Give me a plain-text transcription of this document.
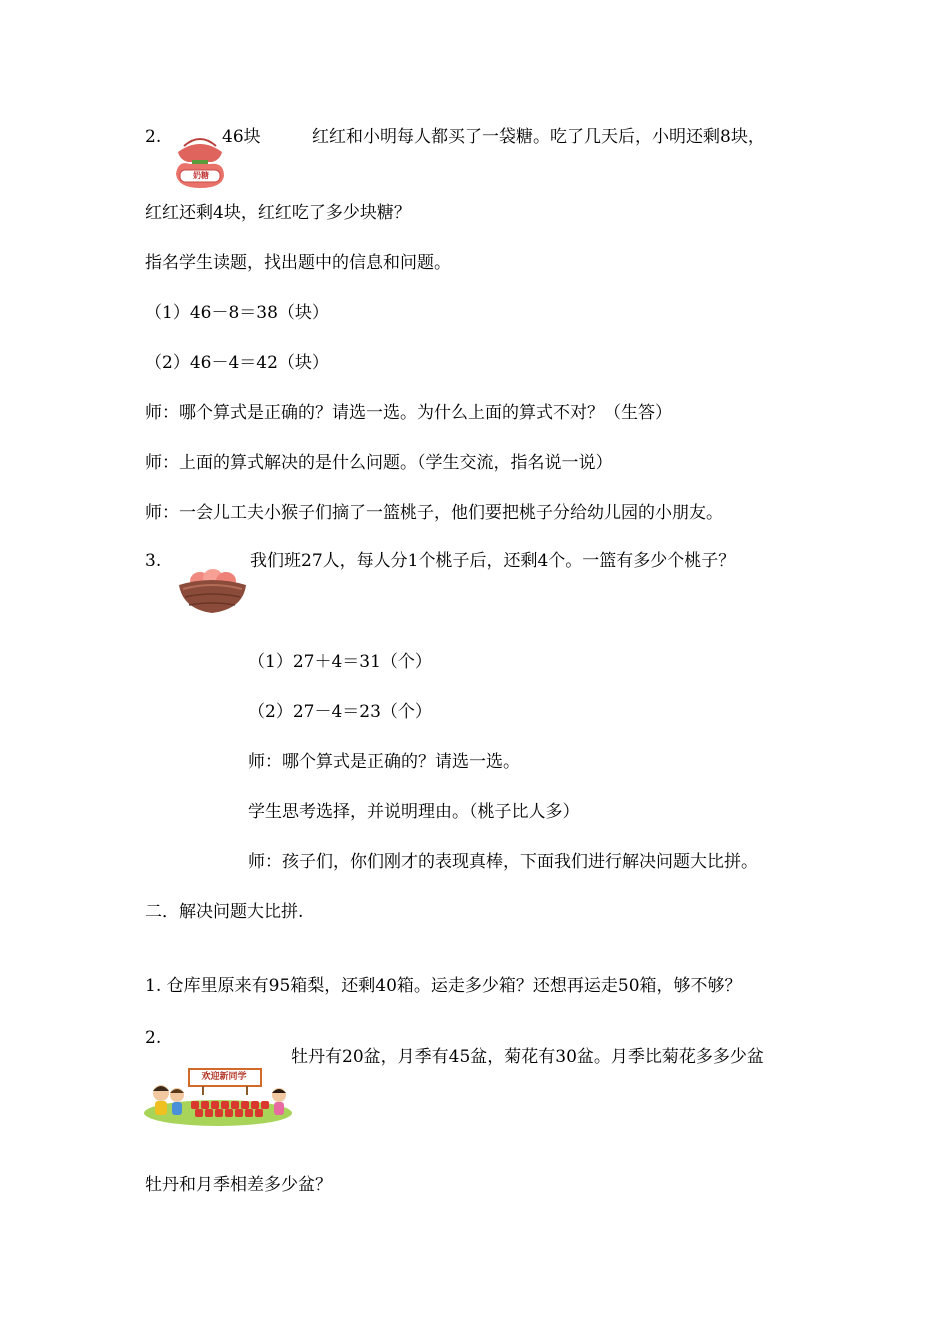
2.
奶糖
46块	红红和小明每人都买了一袋糖。吃了几天后，小明还剩8块，
红红还剩4块，红红吃了多少块糖？
指名学生读题，找出题中的信息和问题。
（1）46－8＝38（块）
（2）46－4＝42（块）
师：哪个算式是正确的？请选一选。为什么上面的算式不对？（生答）
师：上面的算式解决的是什么问题。（学生交流，指名说一说）
师：一会儿工夫小猴子们摘了一篮桃子，他们要把桃子分给幼儿园的小朋友。
3.	我们班27人，每人分1个桃子后，还剩4个。一篮有多少个桃子？
（1）27＋4＝31（个）
（2）27－4＝23（个）
师：哪个算式是正确的？请选一选。
学生思考选择，并说明理由。（桃子比人多）
师：孩子们，你们刚才的表现真棒，下面我们进行解决问题大比拼。
二．解决问题大比拼.
1. 仓库里原来有95箱梨，还剩40箱。运走多少箱？还想再运走50箱，够不够？
2.
欢迎新同学
牡丹有20盆，月季有45盆，菊花有30盆。月季比菊花多多少盆
牡丹和月季相差多少盆？
